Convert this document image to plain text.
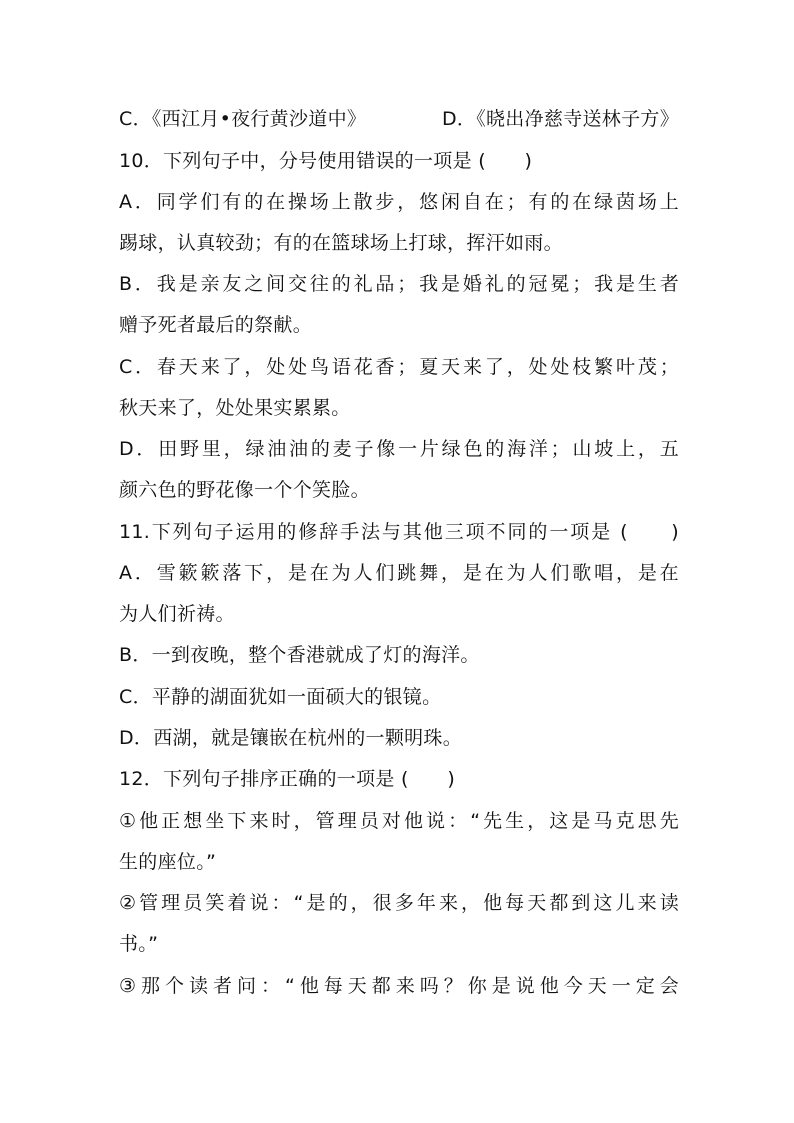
C．《西江月•夜行黄沙道中》	D．《晓出净慈寺送林子方》
10．下列句子中，分号使用错误的一项是 (　　)
A．同学们有的在操场上散步，悠闲自在；有的在绿茵场上
踢球，认真较劲；有的在篮球场上打球，挥汗如雨。
B．我是亲友之间交往的礼品；我是婚礼的冠冕；我是生者
赠予死者最后的祭献。
C．春天来了，处处鸟语花香；夏天来了，处处枝繁叶茂；
秋天来了，处处果实累累。
D．田野里，绿油油的麦子像一片绿色的海洋；山坡上，五
颜六色的野花像一个个笑脸。
11.下列句子运用的修辞手法与其他三项不同的一项是 (　　)
A．雪簌簌落下，是在为人们跳舞，是在为人们歌唱，是在
为人们祈祷。
B．一到夜晚，整个香港就成了灯的海洋。
C．平静的湖面犹如一面硕大的银镜。
D．西湖，就是镶嵌在杭州的一颗明珠。
12．下列句子排序正确的一项是 (　　)
①他正想坐下来时，管理员对他说：“先生，这是马克思先
生的座位。”
②管理员笑着说：“是的，很多年来，他每天都到这儿来读
书。”
③那个读者问：“他每天都来吗？你是说他今天一定会
